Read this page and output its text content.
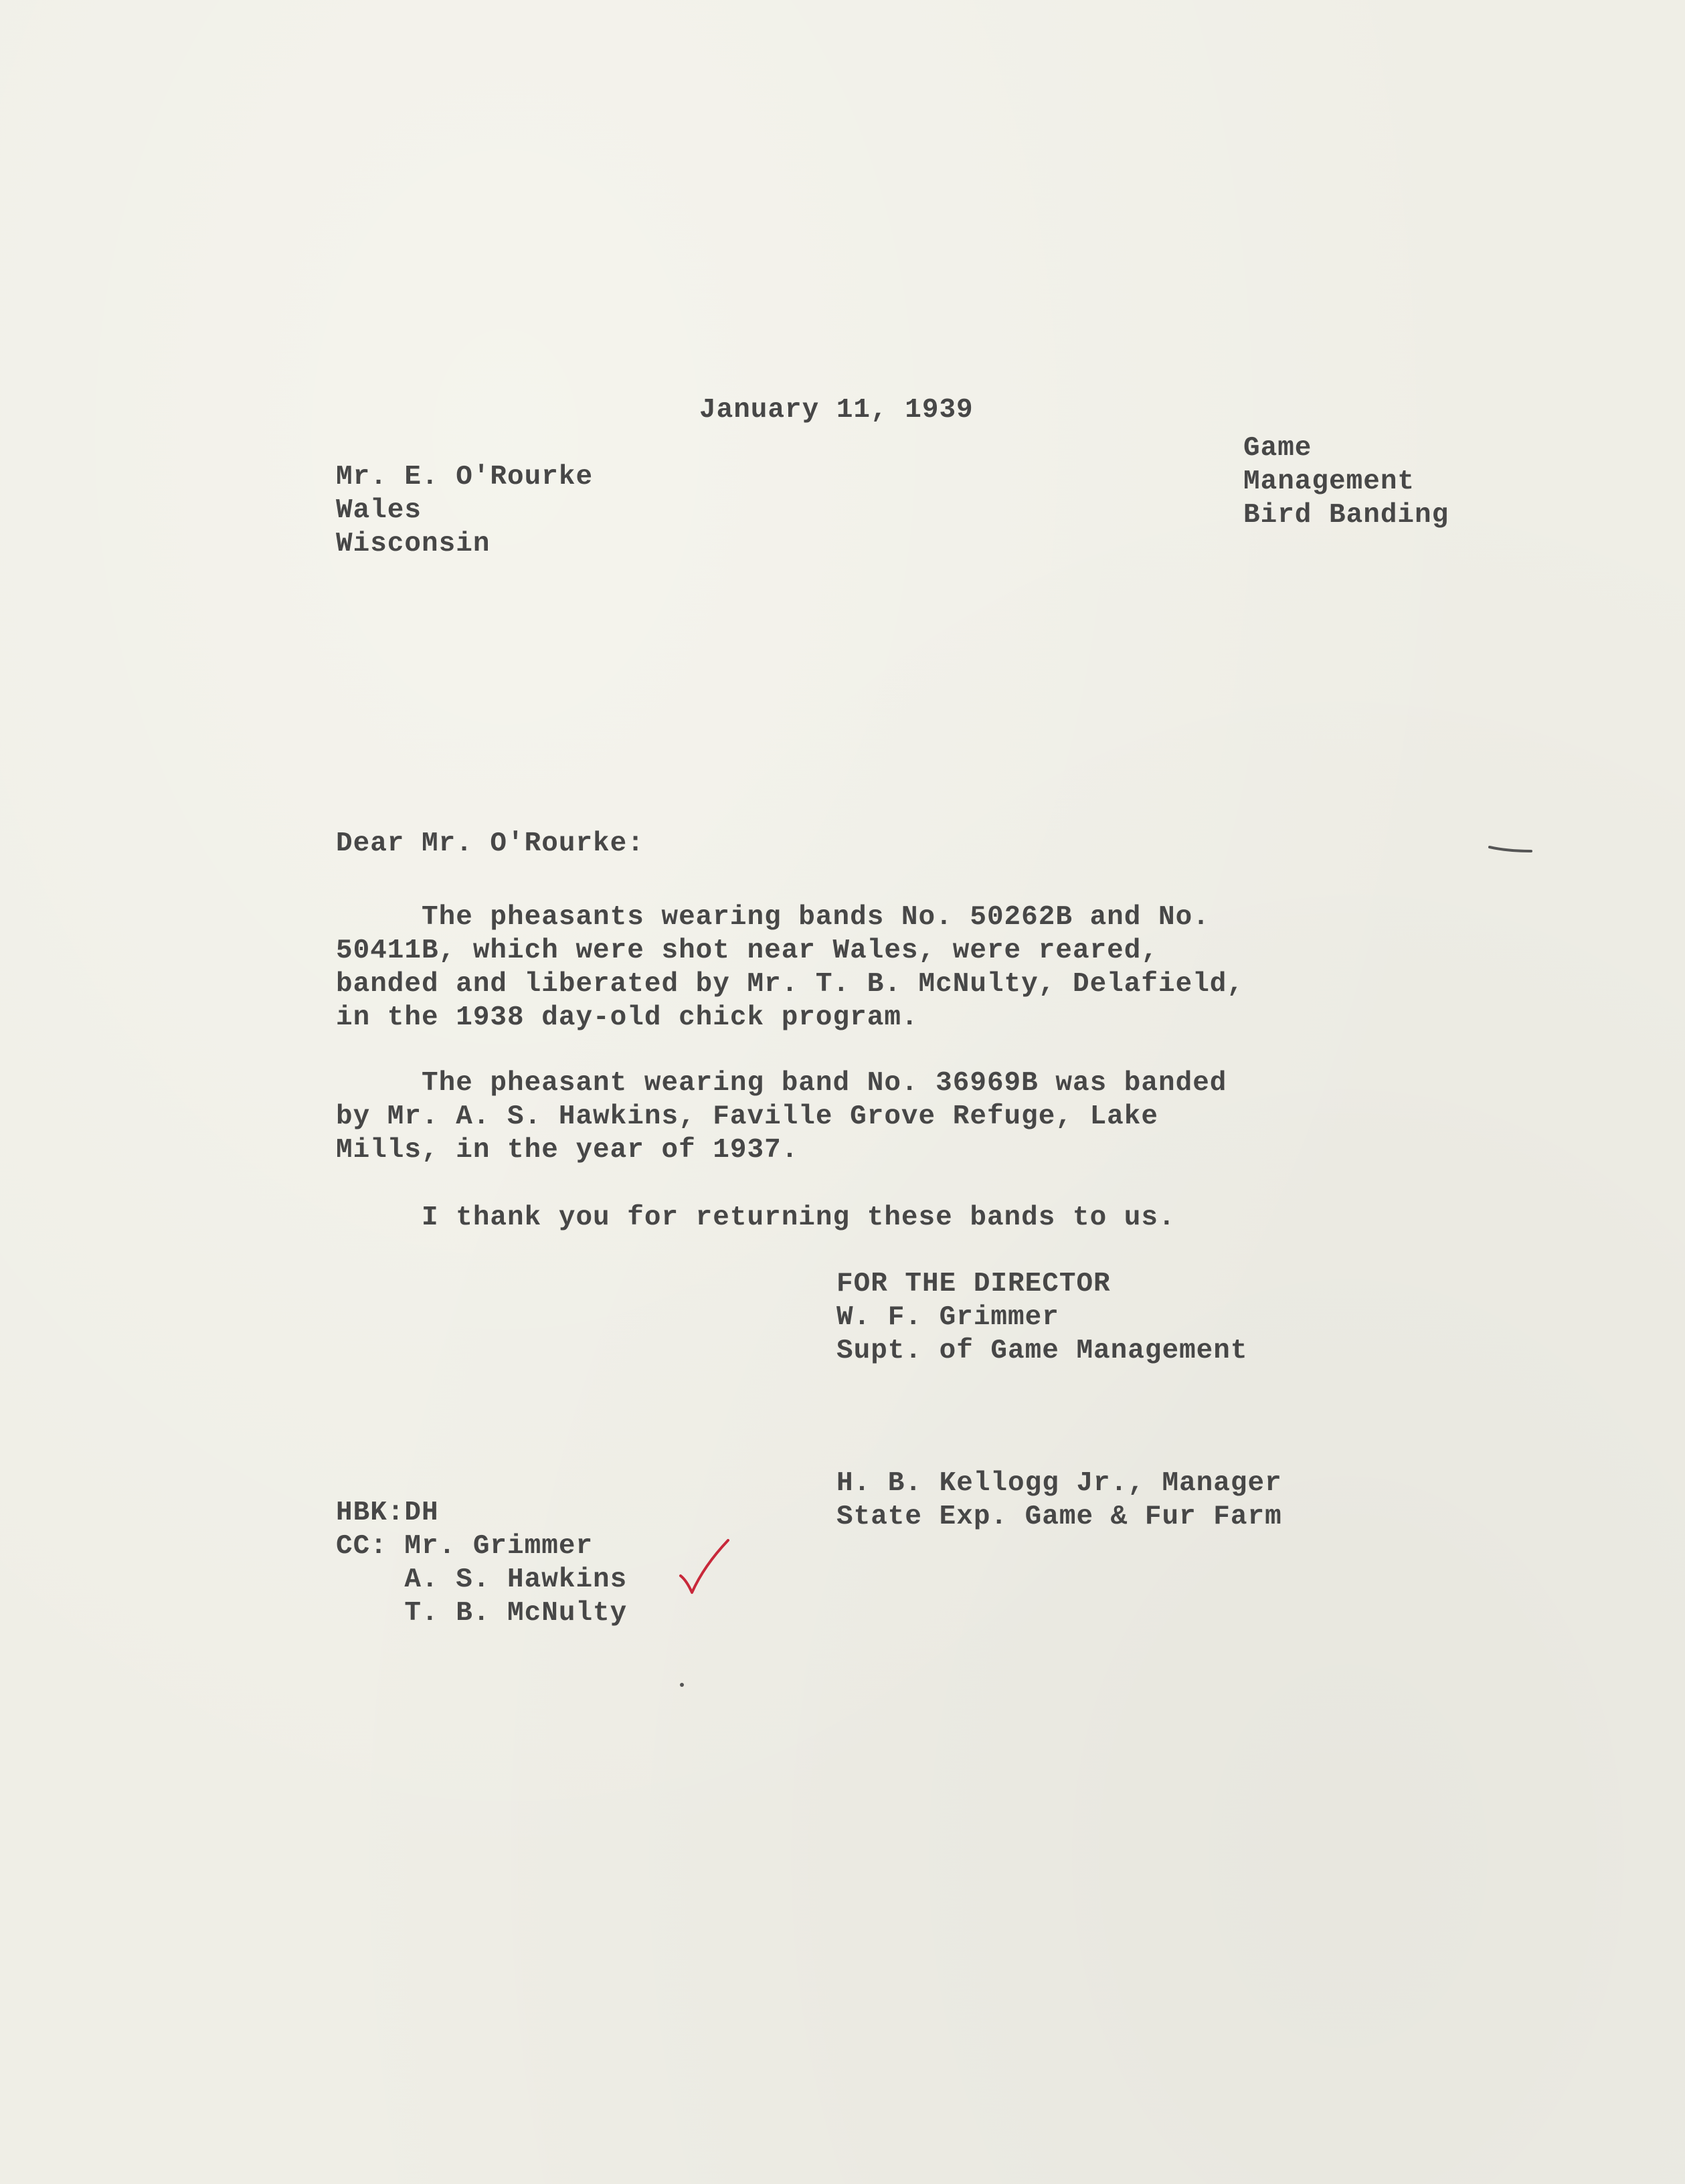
January 11, 1939
Game
Management
Bird Banding
Mr. E. O'Rourke
Wales
Wisconsin
Dear Mr. O'Rourke:
The pheasants wearing bands No. 50262B and No.
50411B, which were shot near Wales, were reared,
banded and liberated by Mr. T. B. McNulty, Delafield,
in the 1938 day-old chick program.
The pheasant wearing band No. 36969B was banded
by Mr. A. S. Hawkins, Faville Grove Refuge, Lake
Mills, in the year of 1937.
I thank you for returning these bands to us.
FOR THE DIRECTOR
W. F. Grimmer
Supt. of Game Management
H. B. Kellogg Jr., Manager
State Exp. Game & Fur Farm
HBK:DH
CC: Mr. Grimmer
A. S. Hawkins
T. B. McNulty
